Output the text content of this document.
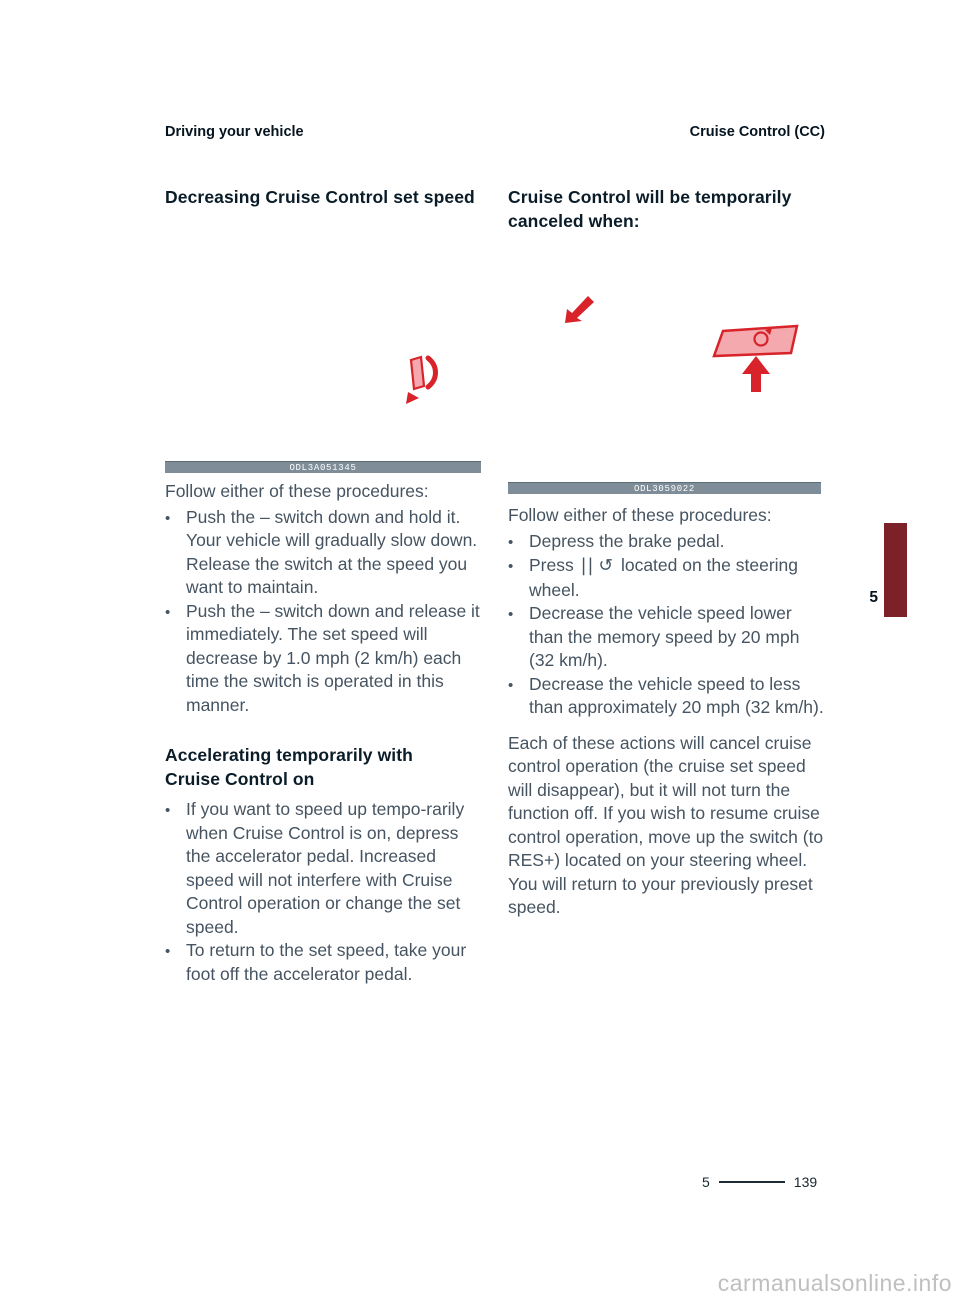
Driving your vehicle	Cruise Control (CC)
Decreasing Cruise Control set speed
ODL3A051345

Follow either of these procedures:

• Push the – switch down and hold it. Your vehicle will gradually slow down. Release the switch at the speed you want to maintain.
• Push the – switch down and release it immediately. The set speed will decrease by 1.0 mph (2 km/h) each time the switch is operated in this manner.
Accelerating temporarily with Cruise Control on
• If you want to speed up tempo-rarily when Cruise Control is on, depress the accelerator pedal. Increased speed will not interfere with Cruise Control operation or change the set speed.
• To return to the set speed, take your foot off the accelerator pedal.
Cruise Control will be temporarily canceled when:
ODL3059022

Follow either of these procedures:

• Depress the brake pedal.
• Press || ↺ located on the steering wheel.
• Decrease the vehicle speed lower than the memory speed by 20 mph (32 km/h).
• Decrease the vehicle speed to less than approximately 20 mph (32 km/h).

Each of these actions will cancel cruise control operation (the cruise set speed will disappear), but it will not turn the function off. If you wish to resume cruise control operation, move up the switch (to RES+) located on your steering wheel. You will return to your previously preset speed.

5
5	139
carmanualsonline.info
